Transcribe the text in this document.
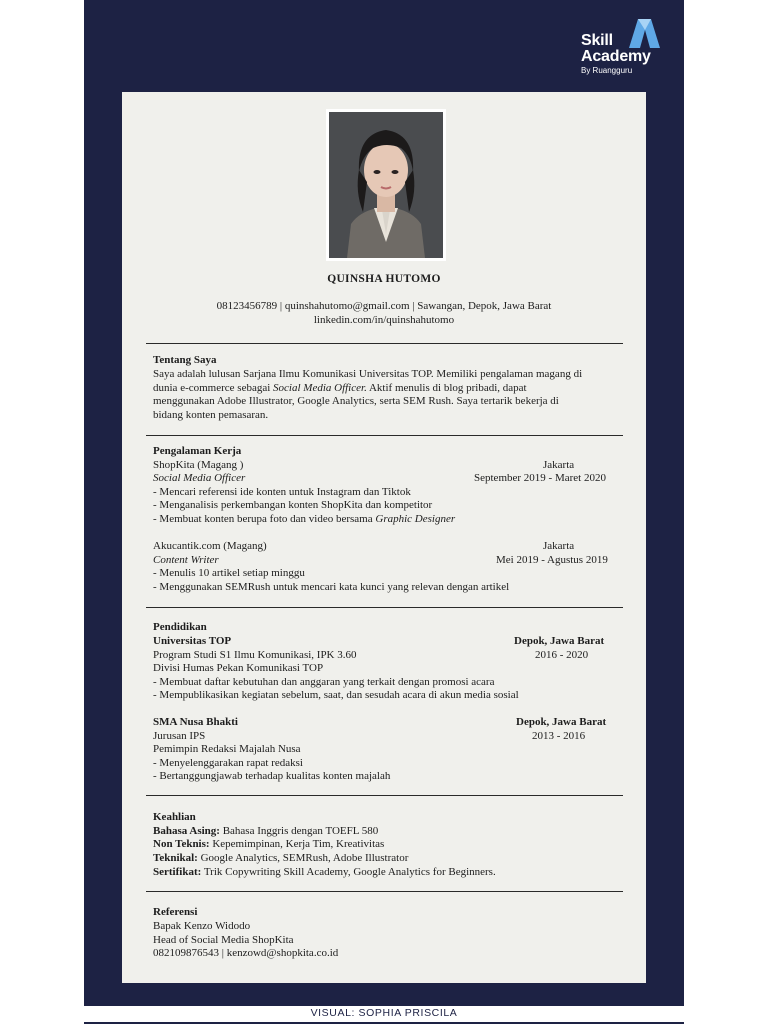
Skill
Academy
By Ruangguru
QUINSHA HUTOMO
08123456789 | quinshahutomo@gmail.com | Sawangan, Depok, Jawa Barat
linkedin.com/in/quinshahutomo
Tentang Saya
Saya adalah lulusan Sarjana Ilmu Komunikasi Universitas TOP. Memiliki pengalaman magang di
dunia e-commerce sebagai Social Media Officer. Aktif menulis di blog pribadi, dapat
menggunakan Adobe Illustrator, Google Analytics, serta SEM Rush. Saya tertarik bekerja di
bidang konten pemasaran.
Pengalaman Kerja
ShopKita (Magang )	Jakarta
Social Media Officer	September 2019 - Maret 2020
- Mencari referensi ide konten untuk Instagram dan Tiktok
- Menganalisis perkembangan konten ShopKita dan kompetitor
- Membuat konten berupa foto dan video bersama Graphic Designer
Akucantik.com (Magang)	Jakarta
Content Writer	Mei 2019 - Agustus 2019
- Menulis 10 artikel setiap minggu
- Menggunakan SEMRush untuk mencari kata kunci yang relevan dengan artikel
Pendidikan
Universitas TOP	Depok, Jawa Barat
Program Studi S1 Ilmu Komunikasi, IPK 3.60	2016 - 2020
Divisi Humas Pekan Komunikasi TOP
- Membuat daftar kebutuhan dan anggaran yang terkait dengan promosi acara
- Mempublikasikan kegiatan sebelum, saat, dan sesudah acara di akun media sosial
SMA Nusa Bhakti	Depok, Jawa Barat
Jurusan IPS	2013 - 2016
Pemimpin Redaksi Majalah Nusa
- Menyelenggarakan rapat redaksi
- Bertanggungjawab terhadap kualitas konten majalah
Keahlian
Bahasa Asing: Bahasa Inggris dengan TOEFL 580
Non Teknis: Kepemimpinan, Kerja Tim, Kreativitas
Teknikal: Google Analytics, SEMRush, Adobe Illustrator
Sertifikat: Trik Copywriting Skill Academy, Google Analytics for Beginners.
Referensi
Bapak Kenzo Widodo
Head of Social Media ShopKita
082109876543 | kenzowd@shopkita.co.id
VISUAL: SOPHIA PRISCILA
